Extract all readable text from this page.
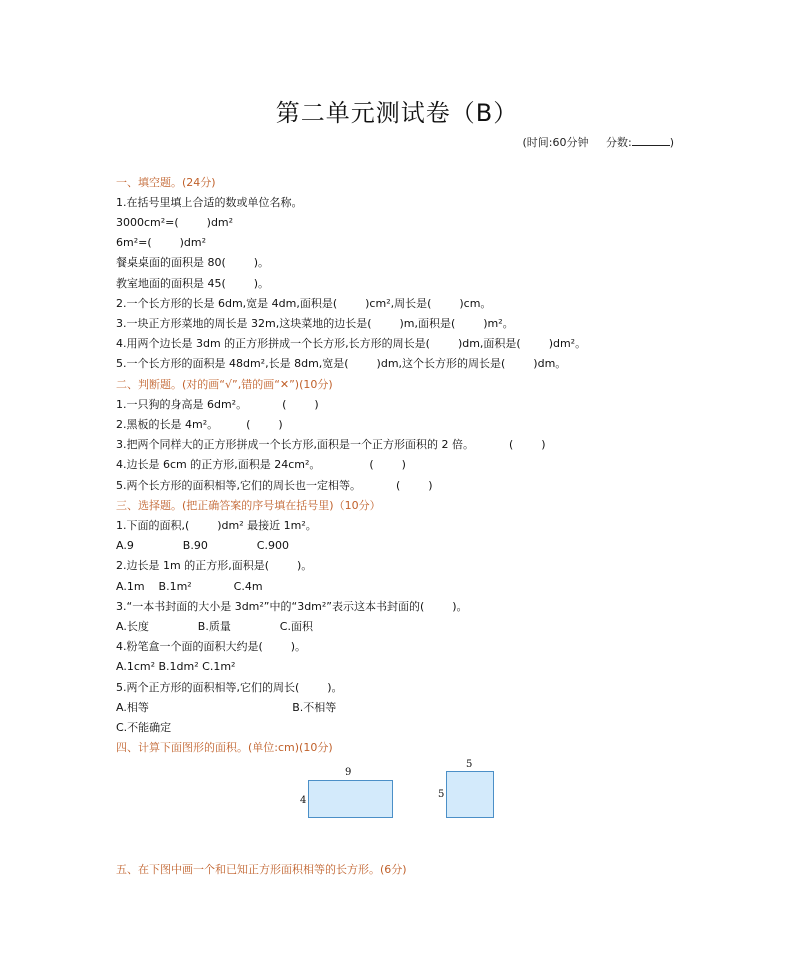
第二单元测试卷（B）
(时间:60分钟 分数:	)
一、填空题。(24分)
1.在括号里填上合适的数或单位名称。
3000cm²=(        )dm²
6m²=(        )dm²
餐桌桌面的面积是 80(        )。
教室地面的面积是 45(        )。
2.一个长方形的长是 6dm,宽是 4dm,面积是(        )cm²,周长是(        )cm。
3.一块正方形菜地的周长是 32m,这块菜地的边长是(        )m,面积是(        )m²。
4.用两个边长是 3dm 的正方形拼成一个长方形,长方形的周长是(        )dm,面积是(        )dm²。
5.一个长方形的面积是 48dm²,长是 8dm,宽是(        )dm,这个长方形的周长是(        )dm。
二、判断题。(对的画“√”,错的画“✕”)(10分)
1.一只狗的身高是 6dm²。          (        )
2.黑板的长是 4m²。        (        )
3.把两个同样大的正方形拼成一个长方形,面积是一个正方形面积的 2 倍。          (        )
4.边长是 6cm 的正方形,面积是 24cm²。              (        )
5.两个长方形的面积相等,它们的周长也一定相等。          (        )
三、选择题。(把正确答案的序号填在括号里)（10分）
1.下面的面积,(        )dm² 最接近 1m²。
A.9              B.90              C.900
2.边长是 1m 的正方形,面积是(        )。
A.1m    B.1m²            C.4m
3.“一本书封面的大小是 3dm²”中的“3dm²”表示这本书封面的(        )。
A.长度              B.质量              C.面积
4.粉笔盒一个面的面积大约是(        )。
A.1cm² B.1dm² C.1m²
5.两个正方形的面积相等,它们的周长(        )。
A.相等                                         B.不相等
C.不能确定
四、计算下面图形的面积。(单位:cm)(10分)
9
4
5
5
五、在下图中画一个和已知正方形面积相等的长方形。(6分)
